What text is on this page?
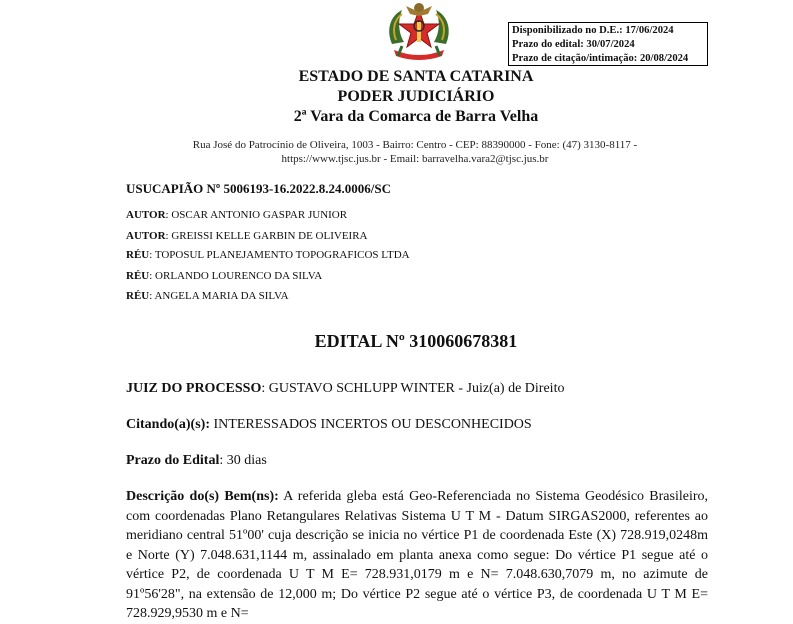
Disponibilizado no D.E.: 17/06/2024
Prazo do edital: 30/07/2024
Prazo de citação/intimação: 20/08/2024
ESTADO DE SANTA CATARINA
PODER JUDICIÁRIO
2ª Vara da Comarca de Barra Velha
Rua José do Patrocínio de Oliveira, 1003 - Bairro: Centro - CEP: 88390000 - Fone: (47) 3130-8117 - https://www.tjsc.jus.br - Email: barravelha.vara2@tjsc.jus.br
USUCAPIÃO Nº 5006193-16.2022.8.24.0006/SC
AUTOR: OSCAR ANTONIO GASPAR JUNIOR
AUTOR: GREISSI KELLE GARBIN DE OLIVEIRA
RÉU: TOPOSUL PLANEJAMENTO TOPOGRAFICOS LTDA
RÉU: ORLANDO LOURENCO DA SILVA
RÉU: ANGELA MARIA DA SILVA
EDITAL Nº 310060678381
JUIZ DO PROCESSO: GUSTAVO SCHLUPP WINTER - Juiz(a) de Direito
Citando(a)(s): INTERESSADOS INCERTOS OU DESCONHECIDOS
Prazo do Edital: 30 dias
Descrição do(s) Bem(ns): A referida gleba está Geo-Referenciada no Sistema Geodésico Brasileiro, com coordenadas Plano Retangulares Relativas Sistema U T M - Datum SIRGAS2000, referentes ao meridiano central 51º00' cuja descrição se inicia no vértice P1 de coordenada Este (X) 728.919,0248m e Norte (Y) 7.048.631,1144 m, assinalado em planta anexa como segue: Do vértice P1 segue até o vértice P2, de coordenada U T M E= 728.931,0179 m e N= 7.048.630,7079 m, no azimute de 91º56'28", na extensão de 12,000 m; Do vértice P2 segue até o vértice P3, de coordenada U T M E= 728.929,9530 m e N=
